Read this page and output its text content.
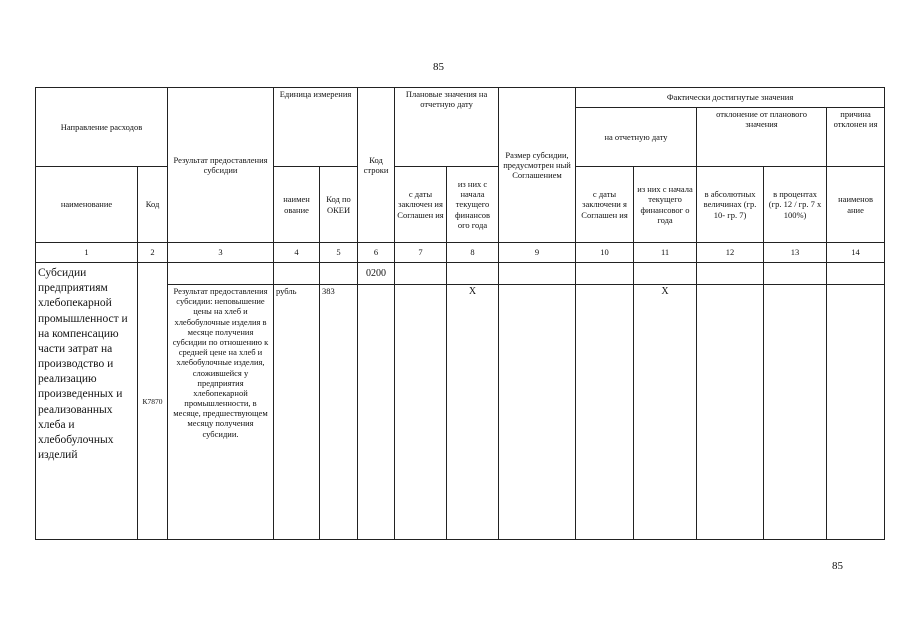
85
Направление расходов		Результат предоставления субсидии	Единица измерения		Код строки	Плановые значения на отчетную дату		Размер субсидии, предусмотрен ный Соглашением	Фактически достигнутые значения				
									на отчетную дату		отклонение от планового значения		причина отклонен ия
наименование	Код		наимен ование	Код по ОКЕИ		с даты заключен ия Соглашен ия	из них с начала текущего финансов ого года		с даты заключени я Соглашен ия	из них с начала текущего финансовог о года	в абсолютных величинах (гр. 10- гр. 7)	в процентах (гр. 12 / гр. 7 х 100%)	наименов ание
1	2	3	4	5	6	7	8	9	10	11	12	13	14
Субсидии предприятиям хлебопекарной промышленност и на компенсацию части затрат на производство и реализацию произведенных и реализованных хлеба и хлебобулочных изделий	К7870				0200								
		Результат предоставления субсидии: неповышение цены на хлеб и хлебобулочные изделия в месяце получения субсидии по отношению к средней цене на хлеб и хлебобулочные изделия, сложившейся у предприятия хлебопекарной промышленности, в месяце, предшествующем месяцу получения субсидии.	рубль	383			Х			Х			
85
